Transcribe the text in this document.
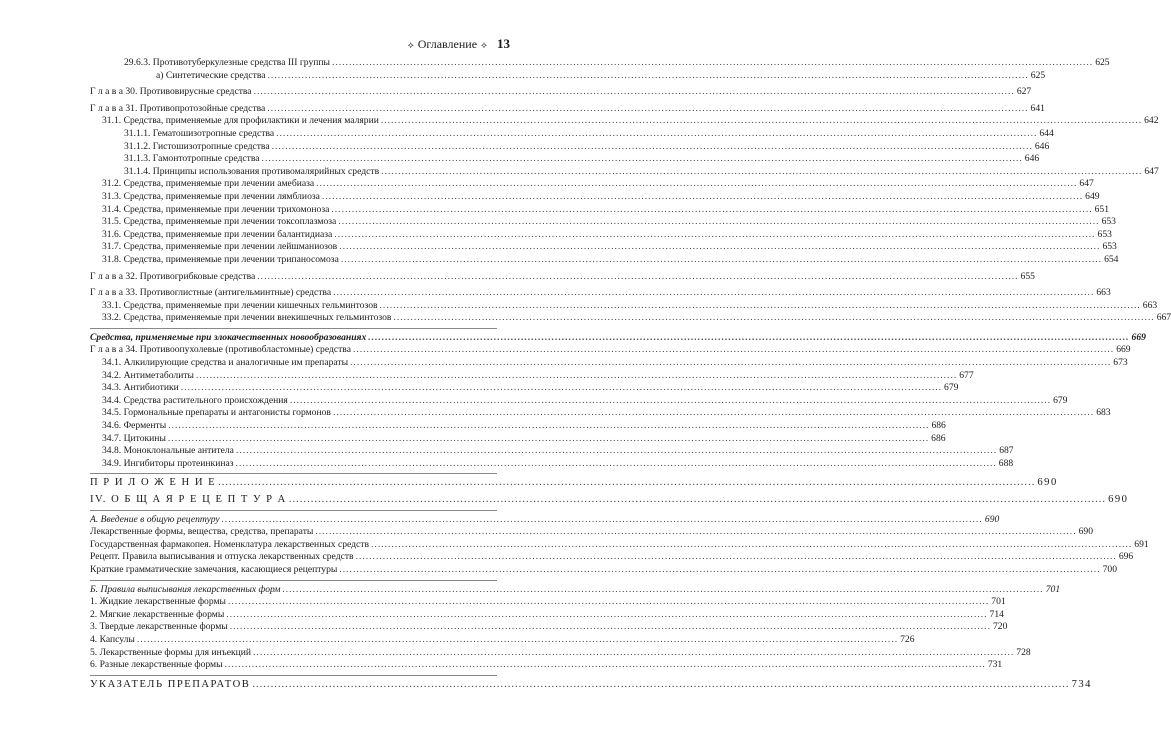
⟡ Оглавление ⟡ 13
29.6.3. Противотуберкулезные средства III группы .....	625
а) Синтетические средства .....	625
Г л а в а 30. Противовирусные средства .....	627
Г л а в а 31. Противопротозойные средства .....	641
31.1. Средства, применяемые для профилактики и лечения малярии .....	642
31.1.1. Гематошизотропные средства .....	644
31.1.2. Гистошизотропные средства .....	646
31.1.3. Гамонтотропные средства .....	646
31.1.4. Принципы использования противомалярийных средств .....	647
31.2. Средства, применяемые при лечении амебиаза .....	647
31.3. Средства, применяемые при лечении лямблиоза .....	649
31.4. Средства, применяемые при лечении трихомоноза .....	651
31.5. Средства, применяемые при лечении токсоплазмоза .....	653
31.6. Средства, применяемые при лечении балантидиаза .....	653
31.7. Средства, применяемые при лечении лейшманиозов .....	653
31.8. Средства, применяемые при лечении трипаносомоза .....	654
Г л а в а 32. Противогрибковые средства .....	655
Г л а в а 33. Противоглистные (антигельминтные) средства .....	663
33.1. Средства, применяемые при лечении кишечных гельминтозов .....	663
33.2. Средства, применяемые при лечении внекишечных гельминтозов .....	667
Средства, применяемые при злокачественных новообразованиях .....	669
Г л а в а 34. Противоопухолевые (противобластомные) средства .....	669
34.1. Алкилирующие средства и аналогичные им препараты .....	673
34.2. Антиметаболиты .....	677
34.3. Антибиотики .....	679
34.4. Средства растительного происхождения .....	679
34.5. Гормональные препараты и антагонисты гормонов .....	683
34.6. Ферменты .....	686
34.7. Цитокины .....	686
34.8. Моноклональные антитела .....	687
34.9. Ингибиторы протеинкиназ .....	688
П Р И Л О Ж Е Н И Е .....	690
IV. О Б Щ А Я Р Е Ц Е П Т У Р А .....	690
А. Введение в общую рецептуру .....	690
Лекарственные формы, вещества, средства, препараты .....	690
Государственная фармакопея. Номенклатура лекарственных средств .....	691
Рецепт. Правила выписывания и отпуска лекарственных средств .....	696
Краткие грамматические замечания, касающиеся рецептуры .....	700
Б. Правила выписывания лекарственных форм .....	701
1. Жидкие лекарственные формы .....	701
2. Мягкие лекарственные формы .....	714
3. Твердые лекарственные формы .....	720
4. Капсулы .....	726
5. Лекарственные формы для инъекций .....	728
6. Разные лекарственные формы .....	731
УКАЗАТЕЛЬ ПРЕПАРАТОВ .....	734
